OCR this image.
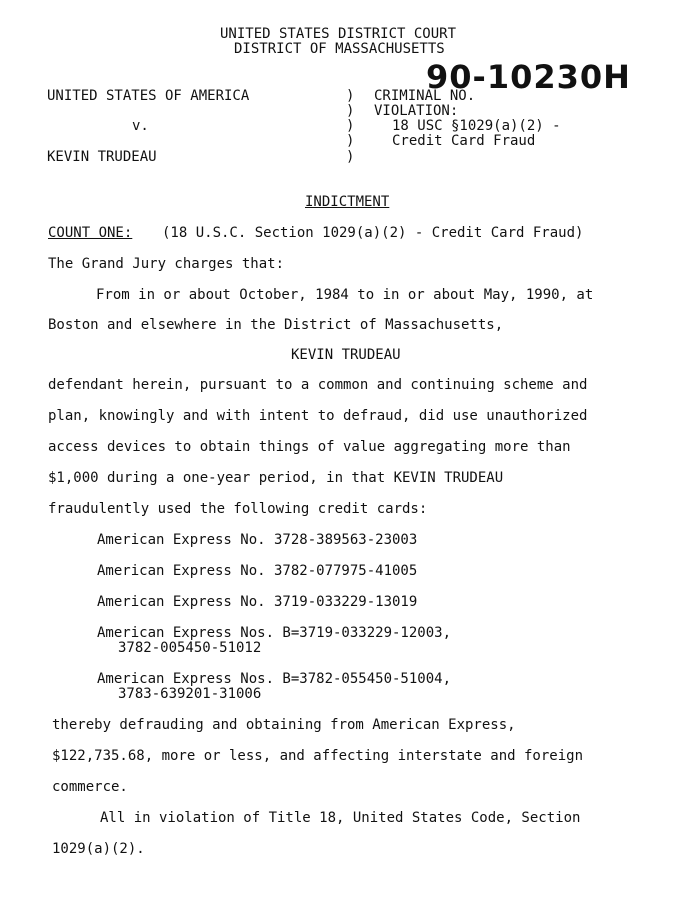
UNITED STATES DISTRICT COURT
DISTRICT OF MASSACHUSETTS
UNITED STATES OF AMERICA
v.
KEVIN TRUDEAU
)
)
)
)
)
CRIMINAL NO.
90-10230H
VIOLATION:
18 USC §1029(a)(2) -
Credit Card Fraud
INDICTMENT
COUNT ONE: (18 U.S.C. Section 1029(a)(2) - Credit Card Fraud)
The Grand Jury charges that:
From in or about October, 1984 to in or about May, 1990, at
Boston and elsewhere in the District of Massachusetts,
KEVIN TRUDEAU
defendant herein, pursuant to a common and continuing scheme and
plan, knowingly and with intent to defraud, did use unauthorized
access devices to obtain things of value aggregating more than
$1,000 during a one-year period, in that KEVIN TRUDEAU
fraudulently used the following credit cards:
American Express No. 3728-389563-23003
American Express No. 3782-077975-41005
American Express No. 3719-033229-13019
American Express Nos. B=3719-033229-12003,
3782-005450-51012
American Express Nos. B=3782-055450-51004,
3783-639201-31006
thereby defrauding and obtaining from American Express,
$122,735.68, more or less, and affecting interstate and foreign
commerce.
All in violation of Title 18, United States Code, Section
1029(a)(2).
